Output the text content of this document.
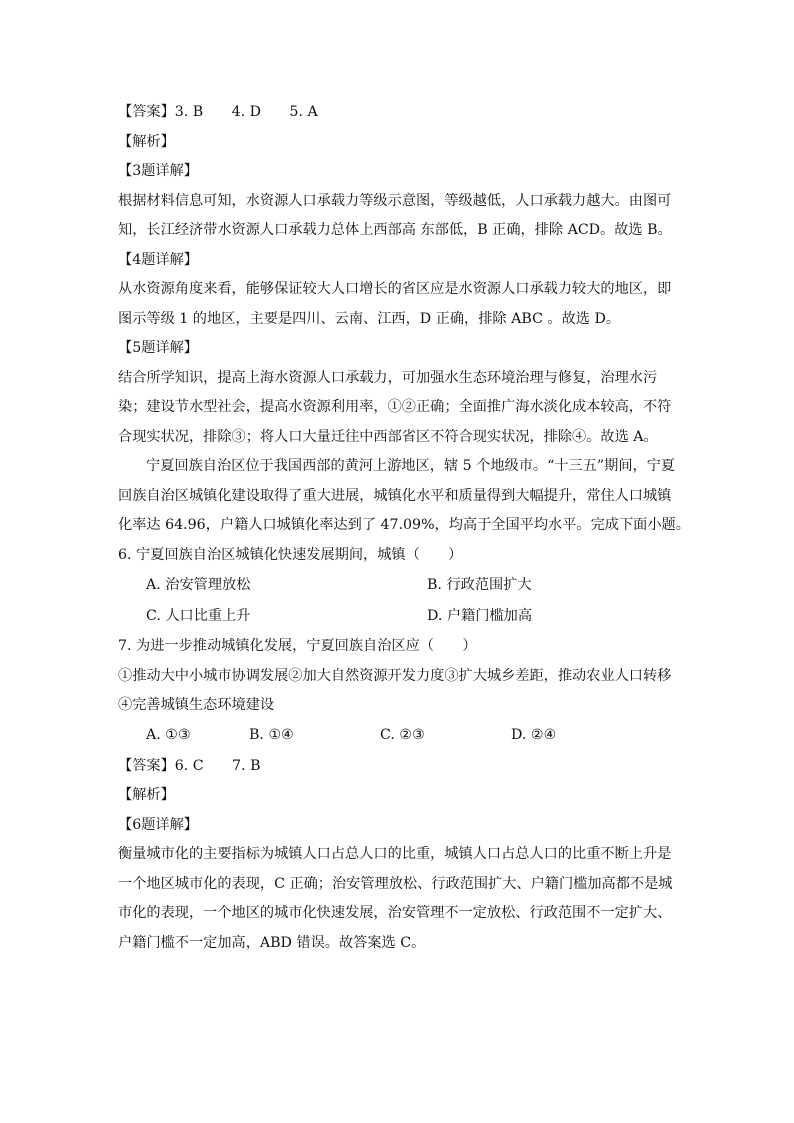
【答案】3. B　　4. D　　5. A
【解析】
【3题详解】
根据材料信息可知，水资源人口承载力等级示意图，等级越低，人口承载力越大。由图可
知，长江经济带水资源人口承载力总体上西部高 东部低，B 正确，排除 ACD。故选 B。
【4题详解】
从水资源角度来看，能够保证较大人口增长的省区应是水资源人口承载力较大的地区，即
图示等级 1 的地区，主要是四川、云南、江西，D 正确，排除 ABC 。故选 D。
【5题详解】
结合所学知识，提高上海水资源人口承载力，可加强水生态环境治理与修复，治理水污
染；建设节水型社会，提高水资源利用率，①②正确；全面推广海水淡化成本较高，不符
合现实状况，排除③；将人口大量迁往中西部省区不符合现实状况，排除④。故选 A。
宁夏回族自治区位于我国西部的黄河上游地区，辖 5 个地级市。“十三五”期间，宁夏
回族自治区城镇化建设取得了重大进展，城镇化水平和质量得到大幅提升，常住人口城镇
化率达 64.96，户籍人口城镇化率达到了 47.09%，均高于全国平均水平。完成下面小题。
6. 宁夏回族自治区城镇化快速发展期间，城镇（　　）
A. 治安管理放松	B. 行政范围扩大
C. 人口比重上升	D. 户籍门槛加高
7. 为进一步推动城镇化发展，宁夏回族自治区应（　　）
①推动大中小城市协调发展②加大自然资源开发力度③扩大城乡差距，推动农业人口转移
④完善城镇生态环境建设
A. ①③	B. ①④	C. ②③	D. ②④
【答案】6. C　　7. B
【解析】
【6题详解】
衡量城市化的主要指标为城镇人口占总人口的比重，城镇人口占总人口的比重不断上升是
一个地区城市化的表现，C 正确；治安管理放松、行政范围扩大、户籍门槛加高都不是城
市化的表现，一个地区的城市化快速发展，治安管理不一定放松、行政范围不一定扩大、
户籍门槛不一定加高，ABD 错误。故答案选 C。
